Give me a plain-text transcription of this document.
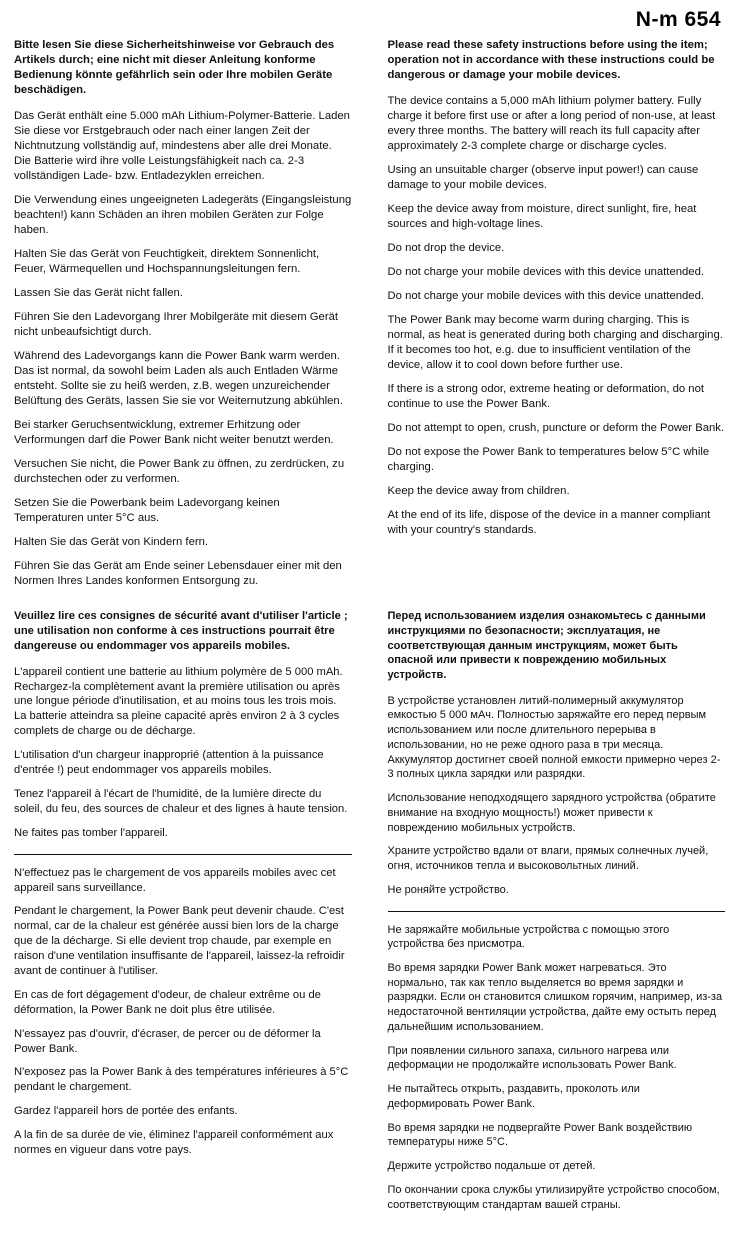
N-m 654
Bitte lesen Sie diese Sicherheitshinweise vor Gebrauch des Artikels durch; eine nicht mit dieser Anleitung konforme Bedienung könnte gefährlich sein oder Ihre mobilen Geräte beschädigen.

Das Gerät enthält eine 5.000 mAh Lithium-Polymer-Batterie. Laden Sie diese vor Erstgebrauch oder nach einer langen Zeit der Nichtnutzung vollständig auf, mindestens aber alle drei Monate. Die Batterie wird ihre volle Leistungsfähigkeit nach ca. 2-3 vollständigen Lade- bzw. Entladezyklen erreichen.

Die Verwendung eines ungeeigneten Ladegeräts (Eingangsleistung beachten!) kann Schäden an ihren mobilen Geräten zur Folge haben.

Halten Sie das Gerät von Feuchtigkeit, direktem Sonnenlicht, Feuer, Wärmequellen und Hochspannungsleitungen fern.

Lassen Sie das Gerät nicht fallen.

Führen Sie den Ladevorgang Ihrer Mobilgeräte mit diesem Gerät nicht unbeaufsichtigt durch.

Während des Ladevorgangs kann die Power Bank warm werden. Das ist normal, da sowohl beim Laden als auch Entladen Wärme entsteht. Sollte sie zu heiß werden, z.B. wegen unzureichender Belüftung des Geräts, lassen Sie sie vor Weiternutzung abkühlen.

Bei starker Geruchsentwicklung, extremer Erhitzung oder Verformungen darf die Power Bank nicht weiter benutzt werden.

Versuchen Sie nicht, die Power Bank zu öffnen, zu zerdrücken, zu durchstechen oder zu verformen.

Setzen Sie die Powerbank beim Ladevorgang keinen Temperaturen unter 5°C aus.

Halten Sie das Gerät von Kindern fern.

Führen Sie das Gerät am Ende seiner Lebensdauer einer mit den Normen Ihres Landes konformen Entsorgung zu.

Please read these safety instructions before using the item; operation not in accordance with these instructions could be dangerous or damage your mobile devices.

The device contains a 5,000 mAh lithium polymer battery. Fully charge it before first use or after a long period of non-use, at least every three months. The battery will reach its full capacity after approximately 2-3 complete charge or discharge cycles.

Using an unsuitable charger (observe input power!) can cause damage to your mobile devices.

Keep the device away from moisture, direct sunlight, fire, heat sources and high-voltage lines.

Do not drop the device.

Do not charge your mobile devices with this device unattended.

Do not charge your mobile devices with this device unattended.

The Power Bank may become warm during charging. This is normal, as heat is generated during both charging and discharging. If it becomes too hot, e.g. due to insufficient ventilation of the device, allow it to cool down before further use.

If there is a strong odor, extreme heating or deformation, do not continue to use the Power Bank.

Do not attempt to open, crush, puncture or deform the Power Bank.

Do not expose the Power Bank to temperatures below 5°C while charging.

Keep the device away from children.

At the end of its life, dispose of the device in a manner compliant with your country's standards.

Veuillez lire ces consignes de sécurité avant d'utiliser l'article ; une utilisation non conforme à ces instructions pourrait être dangereuse ou endommager vos appareils mobiles.

L'appareil contient une batterie au lithium polymère de 5 000 mAh. Rechargez-la complètement avant la première utilisation ou après une longue période d'inutilisation, et au moins tous les trois mois. La batterie atteindra sa pleine capacité après environ 2 à 3 cycles complets de charge ou de décharge.

L'utilisation d'un chargeur inapproprié (attention à la puissance d'entrée !) peut endommager vos appareils mobiles.

Tenez l'appareil à l'écart de l'humidité, de la lumière directe du soleil, du feu, des sources de chaleur et des lignes à haute tension.

Ne faites pas tomber l'appareil.

N'effectuez pas le chargement de vos appareils mobiles avec cet appareil sans surveillance.

Pendant le chargement, la Power Bank peut devenir chaude. C'est normal, car de la chaleur est générée aussi bien lors de la charge que de la décharge. Si elle devient trop chaude, par exemple en raison d'une ventilation insuffisante de l'appareil, laissez-la refroidir avant de continuer à l'utiliser.

En cas de fort dégagement d'odeur, de chaleur extrême ou de déformation, la Power Bank ne doit plus être utilisée.

N'essayez pas d'ouvrir, d'écraser, de percer ou de déformer la Power Bank.

N'exposez pas la Power Bank à des températures inférieures à 5°C pendant le chargement.

Gardez l'appareil hors de portée des enfants.

A la fin de sa durée de vie, éliminez l'appareil conformément aux normes en vigueur dans votre pays.

Перед использованием изделия ознакомьтесь с данными инструкциями по безопасности; эксплуатация, не соответствующая данным инструкциям, может быть опасной или привести к повреждению мобильных устройств.

В устройстве установлен литий-полимерный аккумулятор емкостью 5 000 мАч. Полностью заряжайте его перед первым использованием или после длительного перерыва в использовании, но не реже одного раза в три месяца. Аккумулятор достигнет своей полной емкости примерно через 2-3 полных цикла зарядки или разрядки.

Использование неподходящего зарядного устройства (обратите внимание на входную мощность!) может привести к повреждению мобильных устройств.

Храните устройство вдали от влаги, прямых солнечных лучей, огня, источников тепла и высоковольтных линий.

Не роняйте устройство.

Не заряжайте мобильные устройства с помощью этого устройства без присмотра.

Во время зарядки Power Bank может нагреваться. Это нормально, так как тепло выделяется во время зарядки и разрядки. Если он становится слишком горячим, например, из-за недостаточной вентиляции устройства, дайте ему остыть перед дальнейшим использованием.

При появлении сильного запаха, сильного нагрева или деформации не продолжайте использовать Power Bank.

Не пытайтесь открыть, раздавить, проколоть или деформировать Power Bank.

Во время зарядки не подвергайте Power Bank воздействию температуры ниже 5°C.

Держите устройство подальше от детей.

По окончании срока службы утилизируйте устройство способом, соответствующим стандартам вашей страны.
